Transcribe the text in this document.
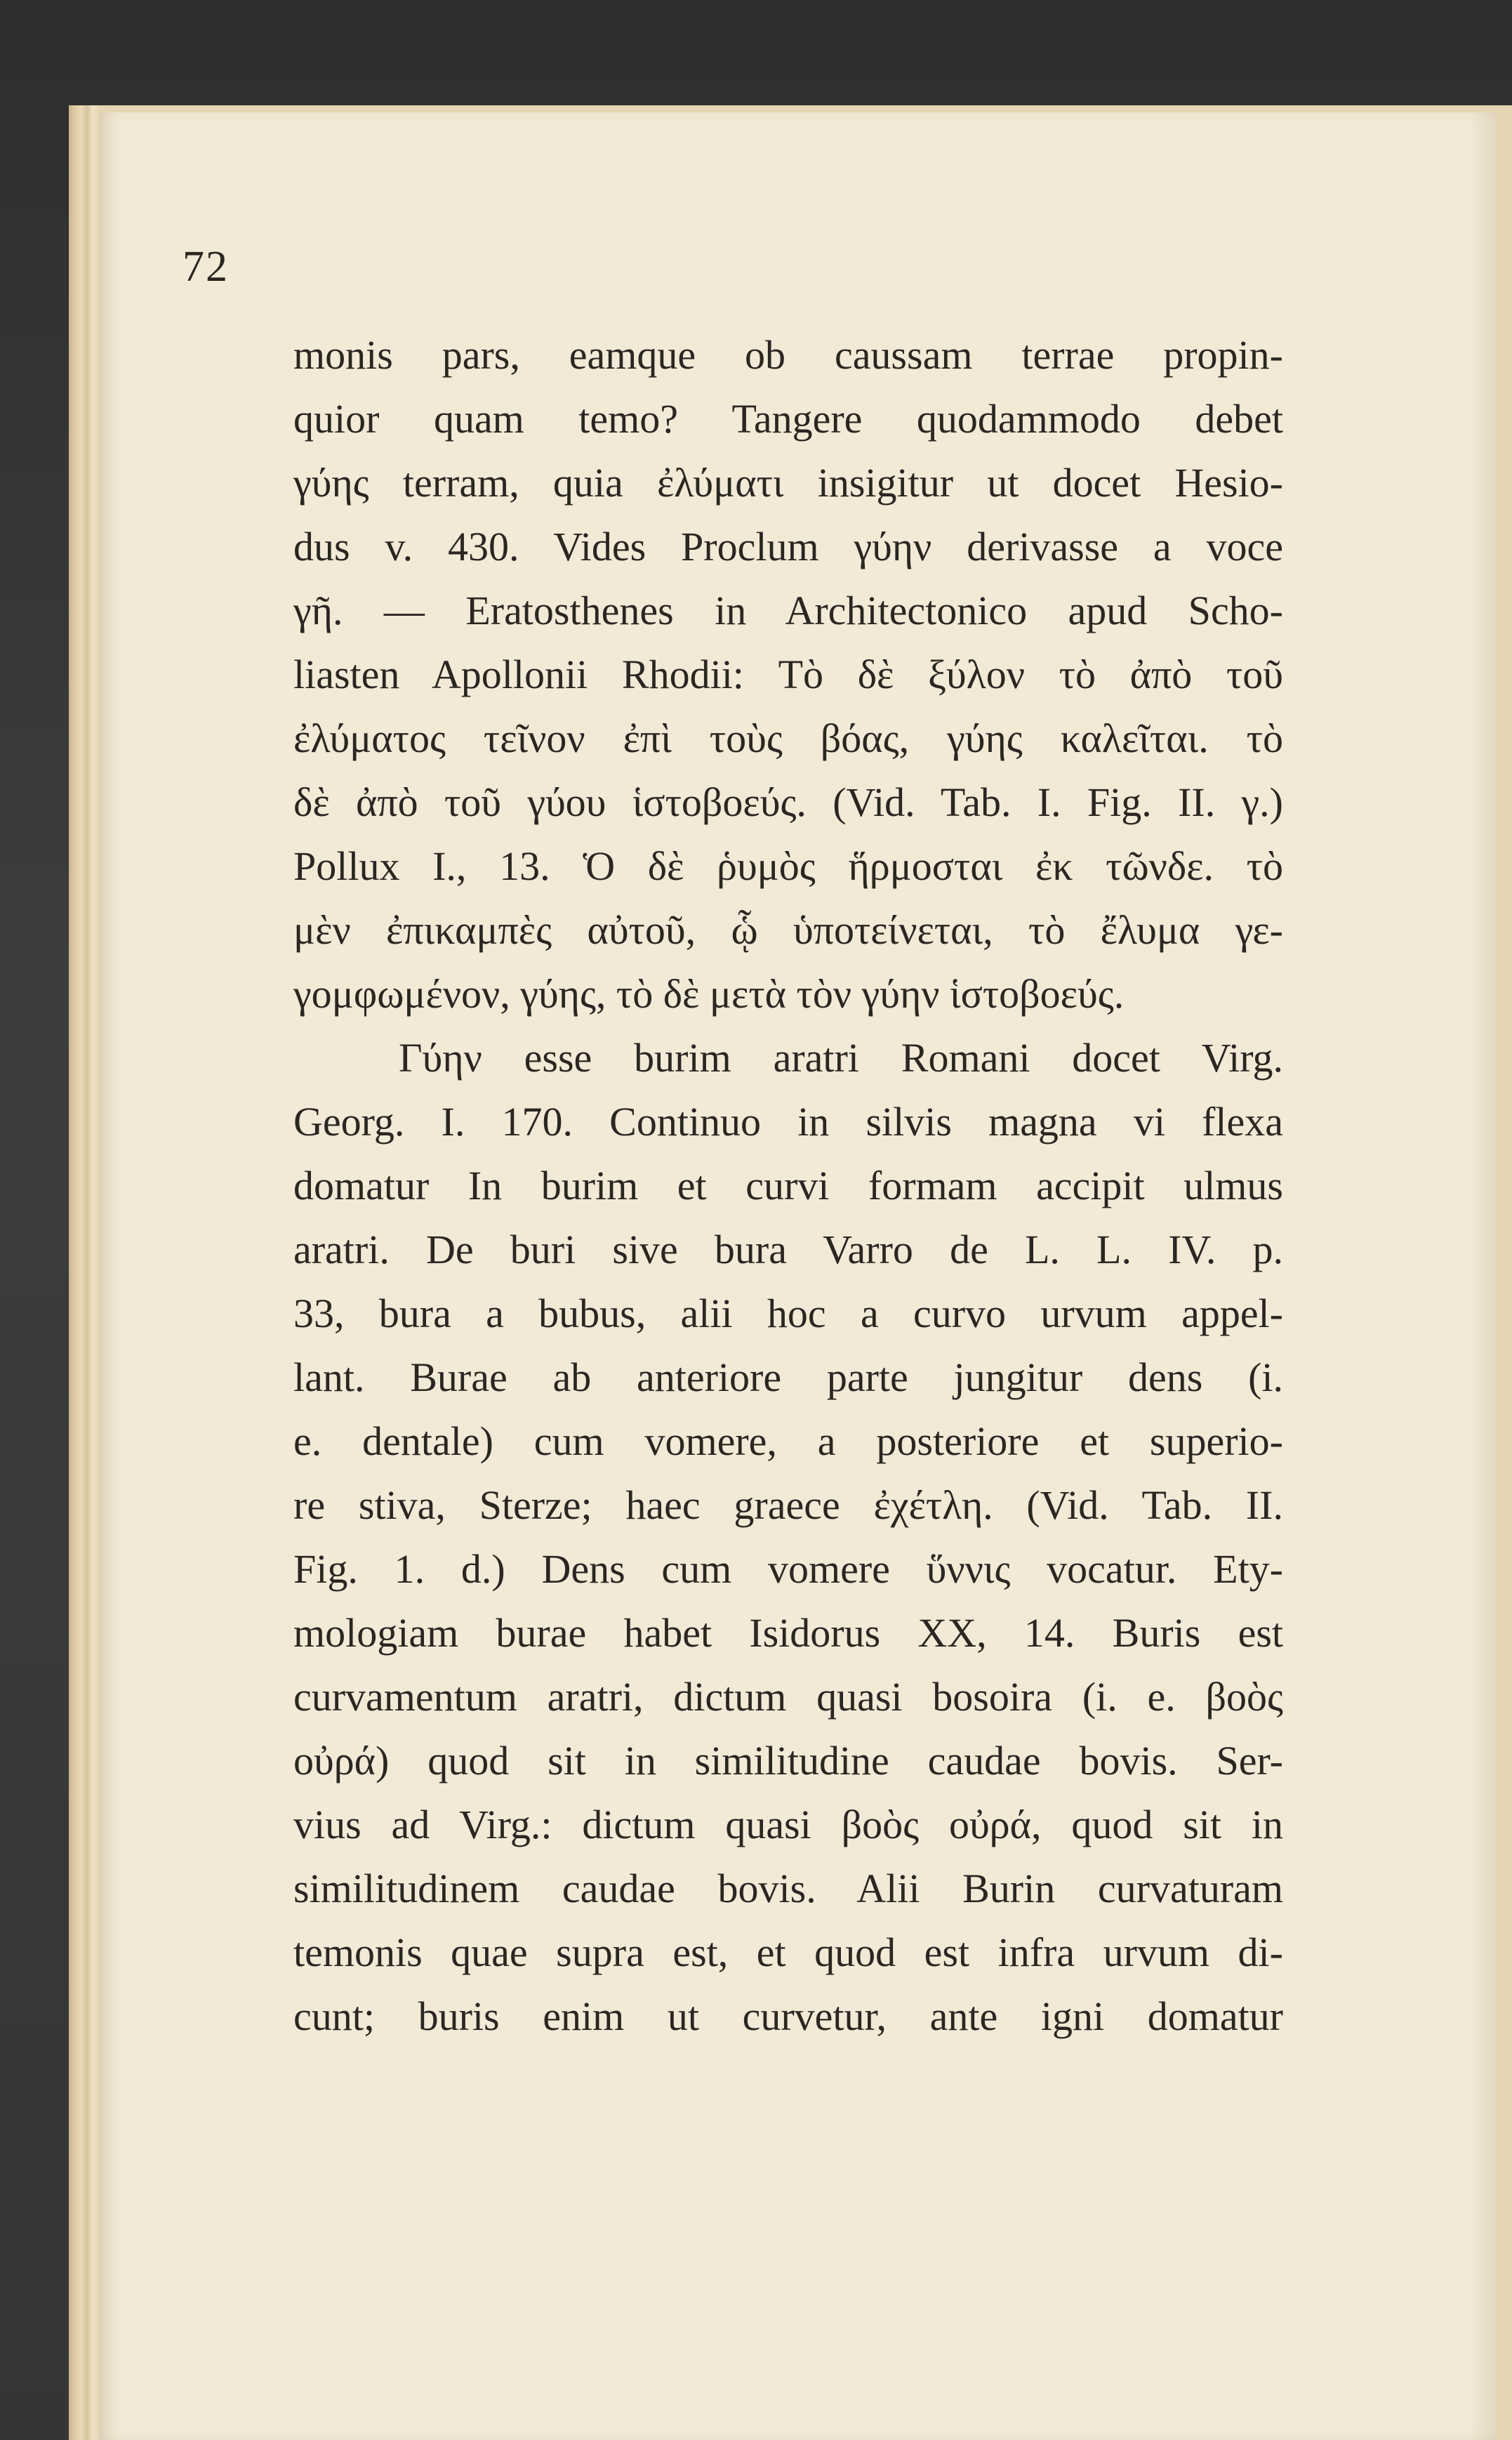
72
monis pars, eamque ob caussam terrae propin-
quior quam temo? Tangere quodammodo debet
γύης terram, quia ἐλύματι insigitur ut docet Hesio-
dus v. 430. Vides Proclum γύην derivasse a voce
γῆ. — Eratosthenes in Architectonico apud Scho-
liasten Apollonii Rhodii: Τὸ δὲ ξύλον τὸ ἀπὸ τοῦ
ἐλύματος τεῖνον ἐπὶ τοὺς βόας, γύης καλεῖται. τὸ
δὲ ἀπὸ τοῦ γύου ἱστοβοεύς. (Vid. Tab. I. Fig. II. γ.)
Pollux I., 13. Ὁ δὲ ῥυμὸς ἥρμοσται ἐκ τῶνδε. τὸ
μὲν ἐπικαμπὲς αὐτοῦ, ᾧ ὑποτείνεται, τὸ ἔλυμα γε-
γομφωμένον, γύης, τὸ δὲ μετὰ τὸν γύην ἱστοβοεύς.
Γύην esse burim aratri Romani docet Virg.
Georg. I. 170. Continuo in silvis magna vi flexa
domatur In burim et curvi formam accipit ulmus
aratri. De buri sive bura Varro de L. L. IV. p.
33, bura a bubus, alii hoc a curvo urvum appel-
lant. Burae ab anteriore parte jungitur dens (i.
e. dentale) cum vomere, a posteriore et superio-
re stiva, Sterze; haec graece ἐχέτλη. (Vid. Tab. II.
Fig. 1. d.) Dens cum vomere ὕννις vocatur. Ety-
mologiam burae habet Isidorus XX, 14. Buris est
curvamentum aratri, dictum quasi bosoira (i. e. βοὸς
οὐρά) quod sit in similitudine caudae bovis. Ser-
vius ad Virg.: dictum quasi βοὸς οὐρά, quod sit in
similitudinem caudae bovis. Alii Burin curvaturam
temonis quae supra est, et quod est infra urvum di-
cunt; buris enim ut curvetur, ante igni domatur
